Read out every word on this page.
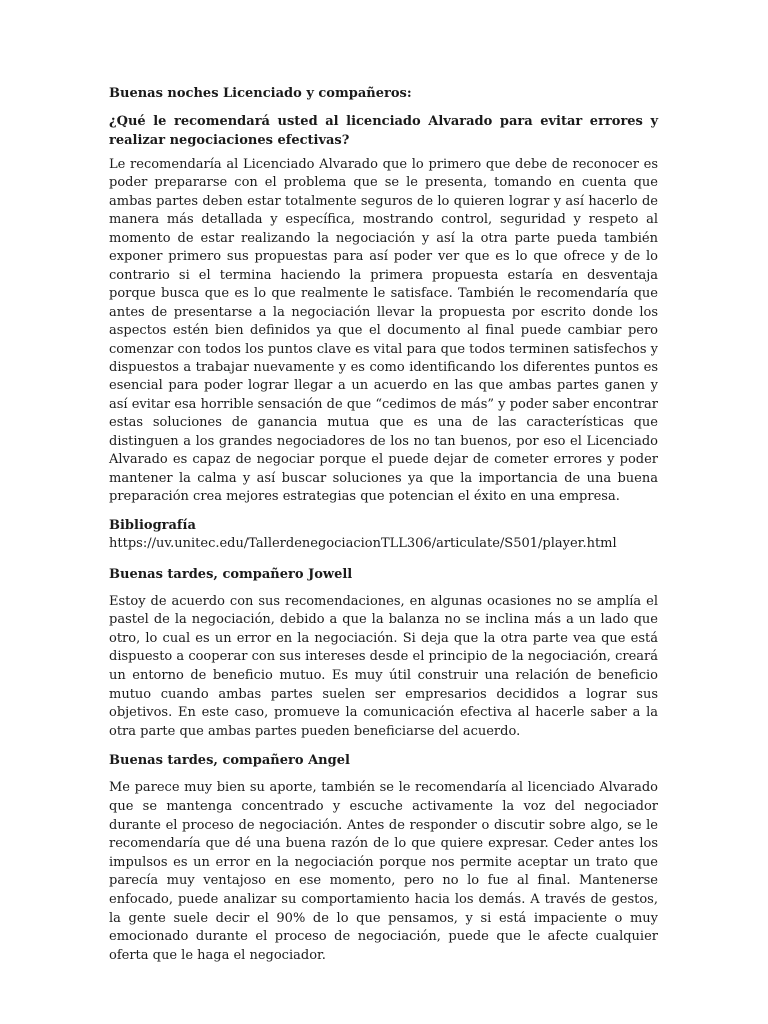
Buenas noches Licenciado y compañeros:

¿Qué le recomendará usted al licenciado Alvarado para evitar errores y realizar negociaciones efectivas?

Le recomendaría al Licenciado Alvarado que lo primero que debe de reconocer es poder prepararse con el problema que se le presenta, tomando en cuenta que ambas partes deben estar totalmente seguros de lo quieren lograr y así hacerlo de manera más detallada y específica, mostrando control, seguridad y respeto al momento de estar realizando la negociación y así la otra parte pueda también exponer primero sus propuestas para así poder ver que es lo que ofrece y de lo contrario si el termina haciendo la primera propuesta estaría en desventaja porque busca que es lo que realmente le satisface. También le recomendaría que antes de presentarse a la negociación llevar la propuesta por escrito donde los aspectos estén bien definidos ya que el documento al final puede cambiar pero comenzar con todos los puntos clave es vital para que todos terminen satisfechos y dispuestos a trabajar nuevamente y es como identificando los diferentes puntos es esencial para poder lograr llegar a un acuerdo en las que ambas partes ganen y así evitar esa horrible sensación de que “cedimos de más” y poder saber encontrar estas soluciones de ganancia mutua que es una de las características que distinguen a los grandes negociadores de los no tan buenos, por eso el Licenciado Alvarado es capaz de negociar porque el puede dejar de cometer errores y poder mantener la calma y así buscar soluciones ya que la importancia de una buena preparación crea mejores estrategias que potencian el éxito en una empresa.

Bibliografía

https://uv.unitec.edu/TallerdenegociacionTLL306/articulate/S501/player.html

Buenas tardes, compañero Jowell

Estoy de acuerdo con sus recomendaciones, en algunas ocasiones no se amplía el pastel de la negociación, debido a que la balanza no se inclina más a un lado que otro, lo cual es un error en la negociación. Si deja que la otra parte vea que está dispuesto a cooperar con sus intereses desde el principio de la negociación, creará un entorno de beneficio mutuo. Es muy útil construir una relación de beneficio mutuo cuando ambas partes suelen ser empresarios decididos a lograr sus objetivos. En este caso, promueve la comunicación efectiva al hacerle saber a la otra parte que ambas partes pueden beneficiarse del acuerdo.

Buenas tardes, compañero Angel

Me parece muy bien su aporte, también se le recomendaría al licenciado Alvarado que se mantenga concentrado y escuche activamente la voz del negociador durante el proceso de negociación. Antes de responder o discutir sobre algo, se le recomendaría que dé una buena razón de lo que quiere expresar. Ceder antes los impulsos es un error en la negociación porque nos permite aceptar un trato que parecía muy ventajoso en ese momento, pero no lo fue al final. Mantenerse enfocado, puede analizar su comportamiento hacia los demás. A través de gestos, la gente suele decir el 90% de lo que pensamos, y si está impaciente o muy emocionado durante el proceso de negociación, puede que le afecte cualquier oferta que le haga el negociador.
